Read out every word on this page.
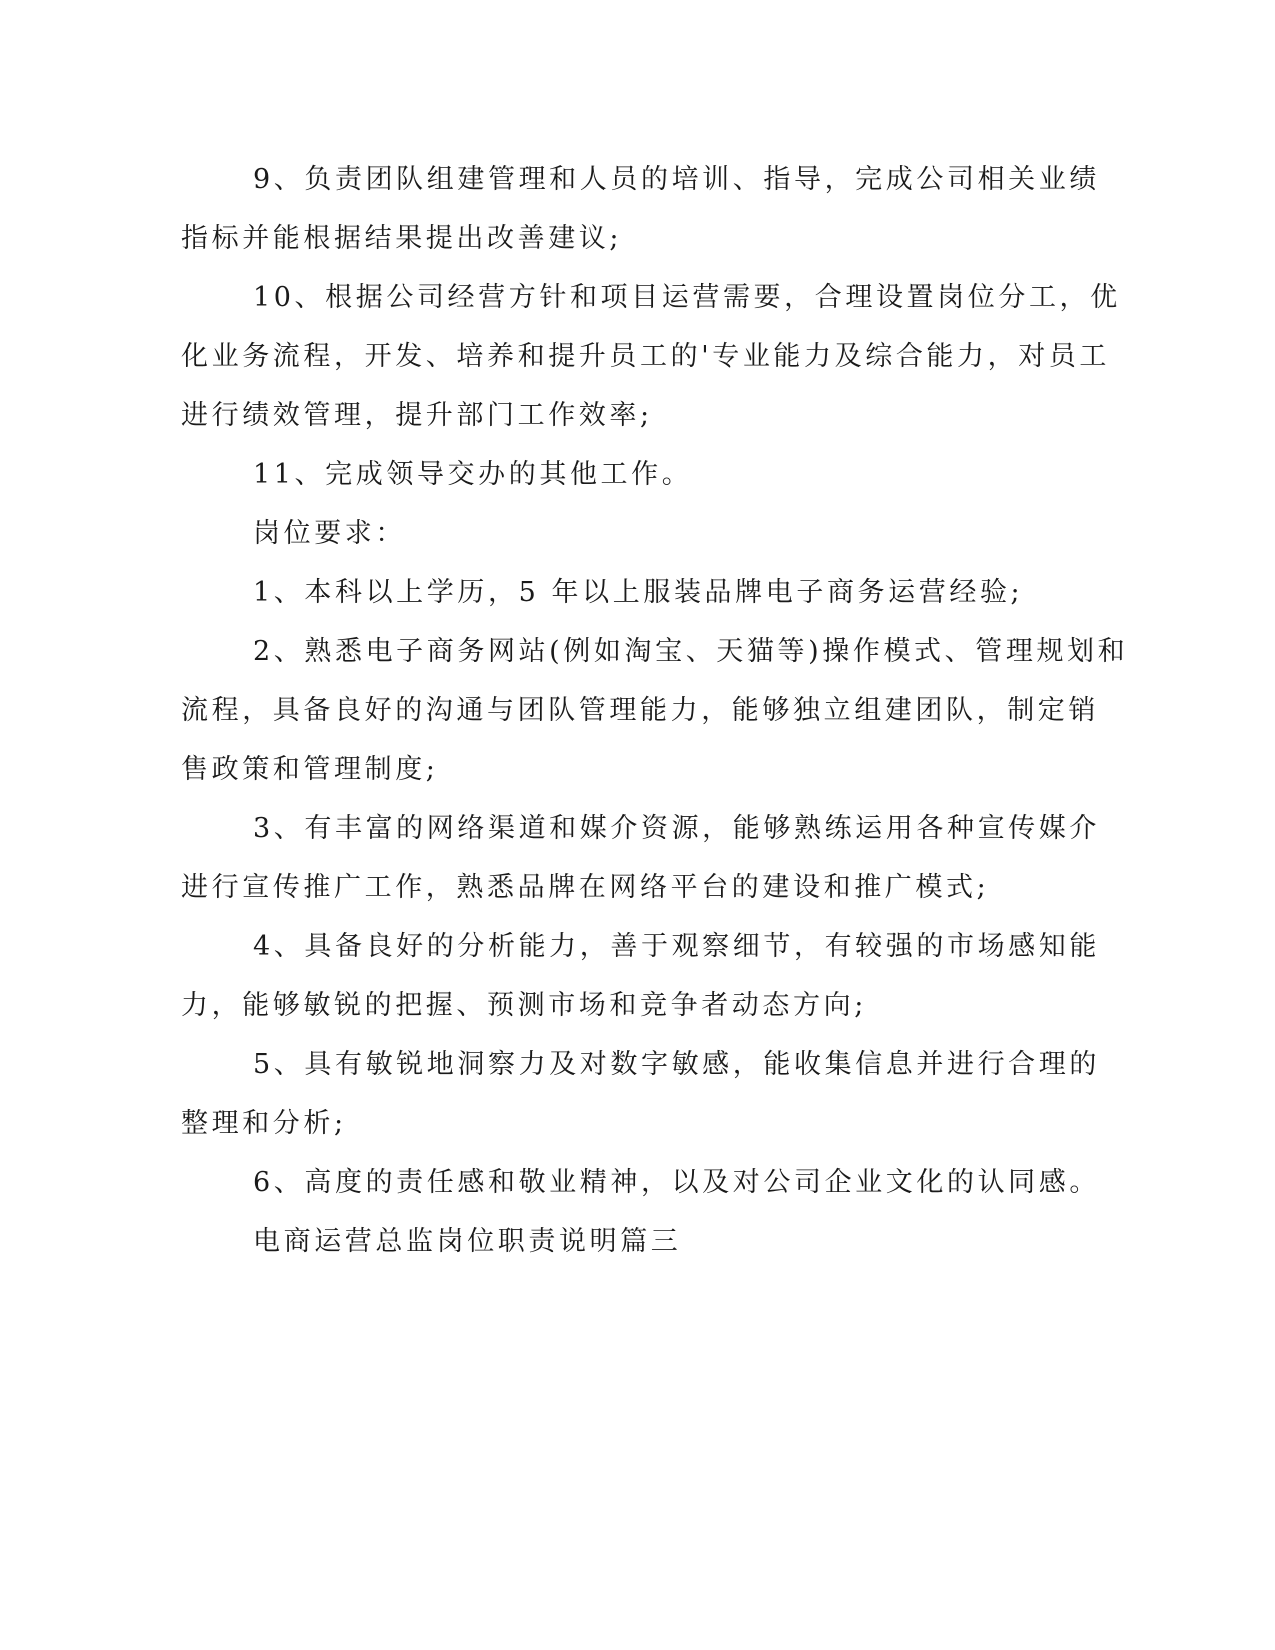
9、负责团队组建管理和人员的培训、指导，完成公司相关业绩
指标并能根据结果提出改善建议;
10、根据公司经营方针和项目运营需要，合理设置岗位分工，优
化业务流程，开发、培养和提升员工的'专业能力及综合能力，对员工
进行绩效管理，提升部门工作效率;
11、完成领导交办的其他工作。
岗位要求：
1、本科以上学历，5 年以上服装品牌电子商务运营经验;
2、熟悉电子商务网站(例如淘宝、天猫等)操作模式、管理规划和
流程，具备良好的沟通与团队管理能力，能够独立组建团队，制定销
售政策和管理制度;
3、有丰富的网络渠道和媒介资源，能够熟练运用各种宣传媒介
进行宣传推广工作，熟悉品牌在网络平台的建设和推广模式;
4、具备良好的分析能力，善于观察细节，有较强的市场感知能
力，能够敏锐的把握、预测市场和竞争者动态方向;
5、具有敏锐地洞察力及对数字敏感，能收集信息并进行合理的
整理和分析;
6、高度的责任感和敬业精神，以及对公司企业文化的认同感。
电商运营总监岗位职责说明篇三
